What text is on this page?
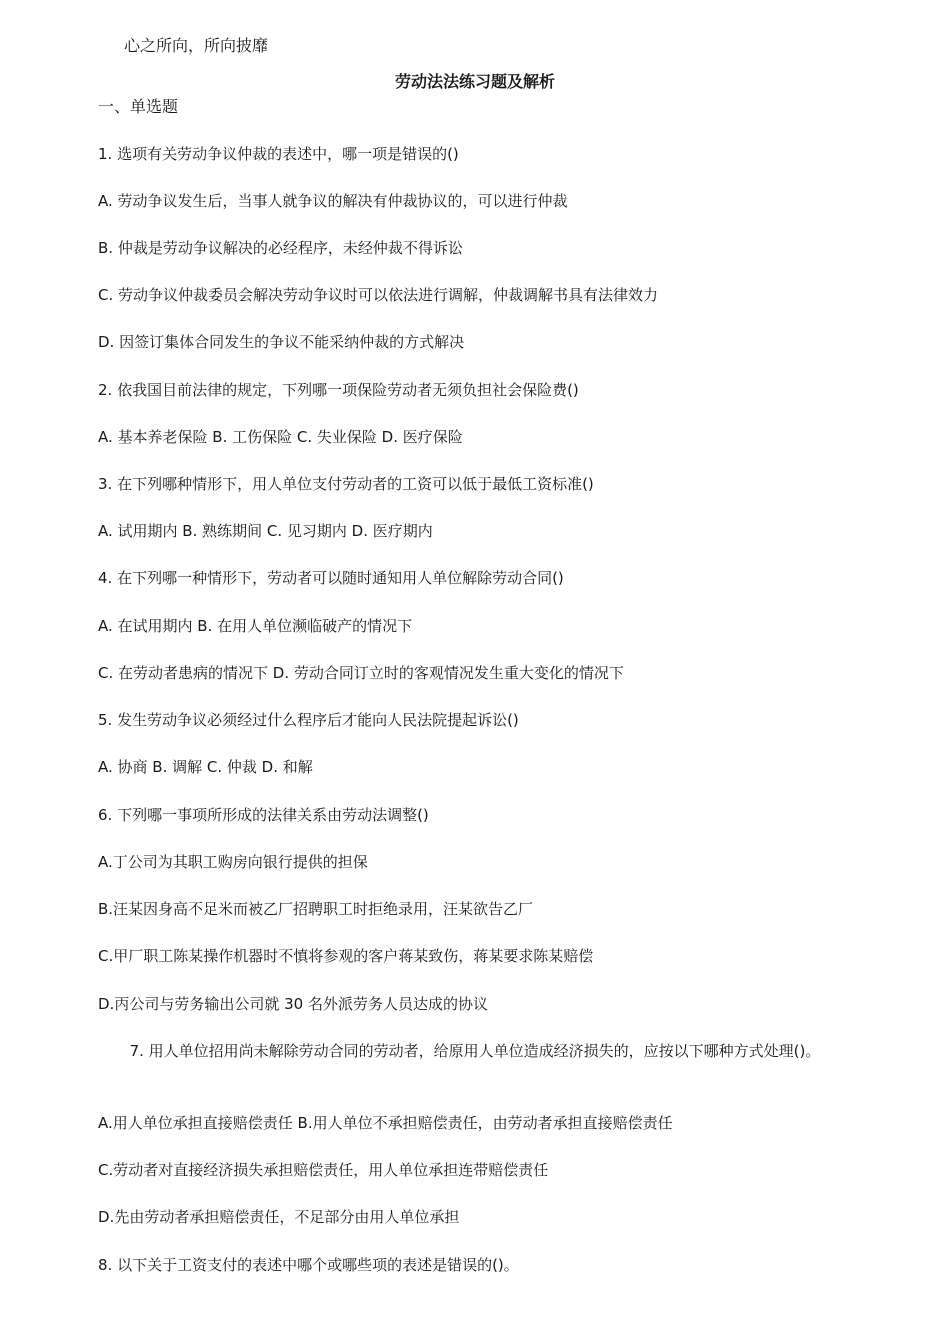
心之所向，所向披靡
劳动法法练习题及解析
一、单选题
1. 选项有关劳动争议仲裁的表述中，哪一项是错误的()
A. 劳动争议发生后，当事人就争议的解决有仲裁协议的，可以进行仲裁
B. 仲裁是劳动争议解决的必经程序，未经仲裁不得诉讼
C. 劳动争议仲裁委员会解决劳动争议时可以依法进行调解，仲裁调解书具有法律效力
D. 因签订集体合同发生的争议不能采纳仲裁的方式解决
2. 依我国目前法律的规定，下列哪一项保险劳动者无须负担社会保险费()
A. 基本养老保险 B. 工伤保险 C. 失业保险 D. 医疗保险
3. 在下列哪种情形下，用人单位支付劳动者的工资可以低于最低工资标准()
A. 试用期内 B. 熟练期间 C. 见习期内 D. 医疗期内
4. 在下列哪一种情形下，劳动者可以随时通知用人单位解除劳动合同()
A. 在试用期内 B. 在用人单位濒临破产的情况下
C. 在劳动者患病的情况下 D. 劳动合同订立时的客观情况发生重大变化的情况下
5. 发生劳动争议必须经过什么程序后才能向人民法院提起诉讼()
A. 协商 B. 调解 C. 仲裁 D. 和解
6. 下列哪一事项所形成的法律关系由劳动法调整()
A.丁公司为其职工购房向银行提供的担保
B.汪某因身高不足米而被乙厂招聘职工时拒绝录用，汪某欲告乙厂
C.甲厂职工陈某操作机器时不慎将参观的客户蒋某致伤，蒋某要求陈某赔偿
D.丙公司与劳务输出公司就 30 名外派劳务人员达成的协议
7. 用人单位招用尚未解除劳动合同的劳动者，给原用人单位造成经济损失的，应按以下哪种方式处理()。
A.用人单位承担直接赔偿责任 B.用人单位不承担赔偿责任，由劳动者承担直接赔偿责任
C.劳动者对直接经济损失承担赔偿责任，用人单位承担连带赔偿责任
D.先由劳动者承担赔偿责任，不足部分由用人单位承担
8. 以下关于工资支付的表述中哪个或哪些项的表述是错误的()。
